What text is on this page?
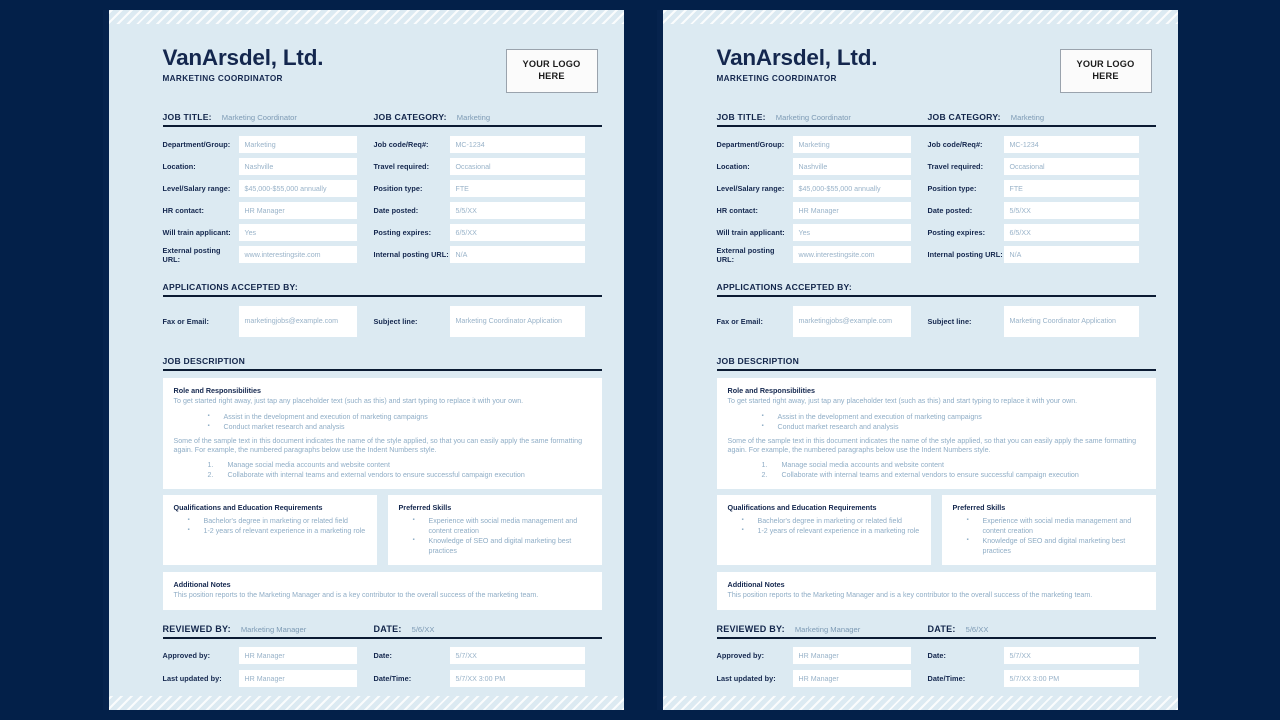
VanArsdel, Ltd.
MARKETING COORDINATOR
YOUR LOGO
HERE
JOB TITLE: Marketing Coordinator	JOB CATEGORY: Marketing
Department/Group:	Marketing	Job code/Req#:	MC-1234
Location:	Nashville	Travel required:	Occasional
Level/Salary range:	$45,000-$55,000 annually	Position type:	FTE
HR contact:	HR Manager	Date posted:	5/5/XX
Will train applicant:	Yes	Posting expires:	6/5/XX
External posting URL:	www.interestingsite.com	Internal posting URL: N/A
APPLICATIONS ACCEPTED BY:
Fax or Email:	marketingjobs@example.com	Subject line:	Marketing Coordinator Application
JOB DESCRIPTION
Role and Responsibilities
To get started right away, just tap any placeholder text (such as this) and start typing to replace it with your own.
▪ Assist in the development and execution of marketing campaigns
▪ Conduct market research and analysis
Some of the sample text in this document indicates the name of the style applied, so that you can easily apply the same formatting again. For example, the numbered paragraphs below use the Indent Numbers style.
Manage social media accounts and website content
Collaborate with internal teams and external vendors to ensure successful campaign execution
Qualifications and Education Requirements
▪ Bachelor's degree in marketing or related field
▪ 1-2 years of relevant experience in a marketing role
Preferred Skills
▪ Experience with social media management and content creation
▪ Knowledge of SEO and digital marketing best practices
Additional Notes
This position reports to the Marketing Manager and is a key contributor to the overall success of the marketing team.
REVIEWED BY: Marketing Manager	DATE: 5/6/XX
Approved by:	HR Manager	Date:	5/7/XX
Last updated by:	HR Manager	Date/Time:	5/7/XX 3:00 PM
VanArsdel, Ltd.
MARKETING COORDINATOR
YOUR LOGO
HERE
JOB TITLE: Marketing Coordinator	JOB CATEGORY: Marketing
Department/Group:	Marketing	Job code/Req#:	MC-1234
Location:	Nashville	Travel required:	Occasional
Level/Salary range:	$45,000-$55,000 annually	Position type:	FTE
HR contact:	HR Manager	Date posted:	5/5/XX
Will train applicant:	Yes	Posting expires:	6/5/XX
External posting URL:	www.interestingsite.com	Internal posting URL: N/A
APPLICATIONS ACCEPTED BY:
Fax or Email:	marketingjobs@example.com	Subject line:	Marketing Coordinator Application
JOB DESCRIPTION
Role and Responsibilities
To get started right away, just tap any placeholder text (such as this) and start typing to replace it with your own.
▪ Assist in the development and execution of marketing campaigns
▪ Conduct market research and analysis
Some of the sample text in this document indicates the name of the style applied, so that you can easily apply the same formatting again. For example, the numbered paragraphs below use the Indent Numbers style.
Manage social media accounts and website content
Collaborate with internal teams and external vendors to ensure successful campaign execution
Qualifications and Education Requirements
▪ Bachelor's degree in marketing or related field
▪ 1-2 years of relevant experience in a marketing role
Preferred Skills
▪ Experience with social media management and content creation
▪ Knowledge of SEO and digital marketing best practices
Additional Notes
This position reports to the Marketing Manager and is a key contributor to the overall success of the marketing team.
REVIEWED BY: Marketing Manager	DATE: 5/6/XX
Approved by:	HR Manager	Date:	5/7/XX
Last updated by:	HR Manager	Date/Time:	5/7/XX 3:00 PM
